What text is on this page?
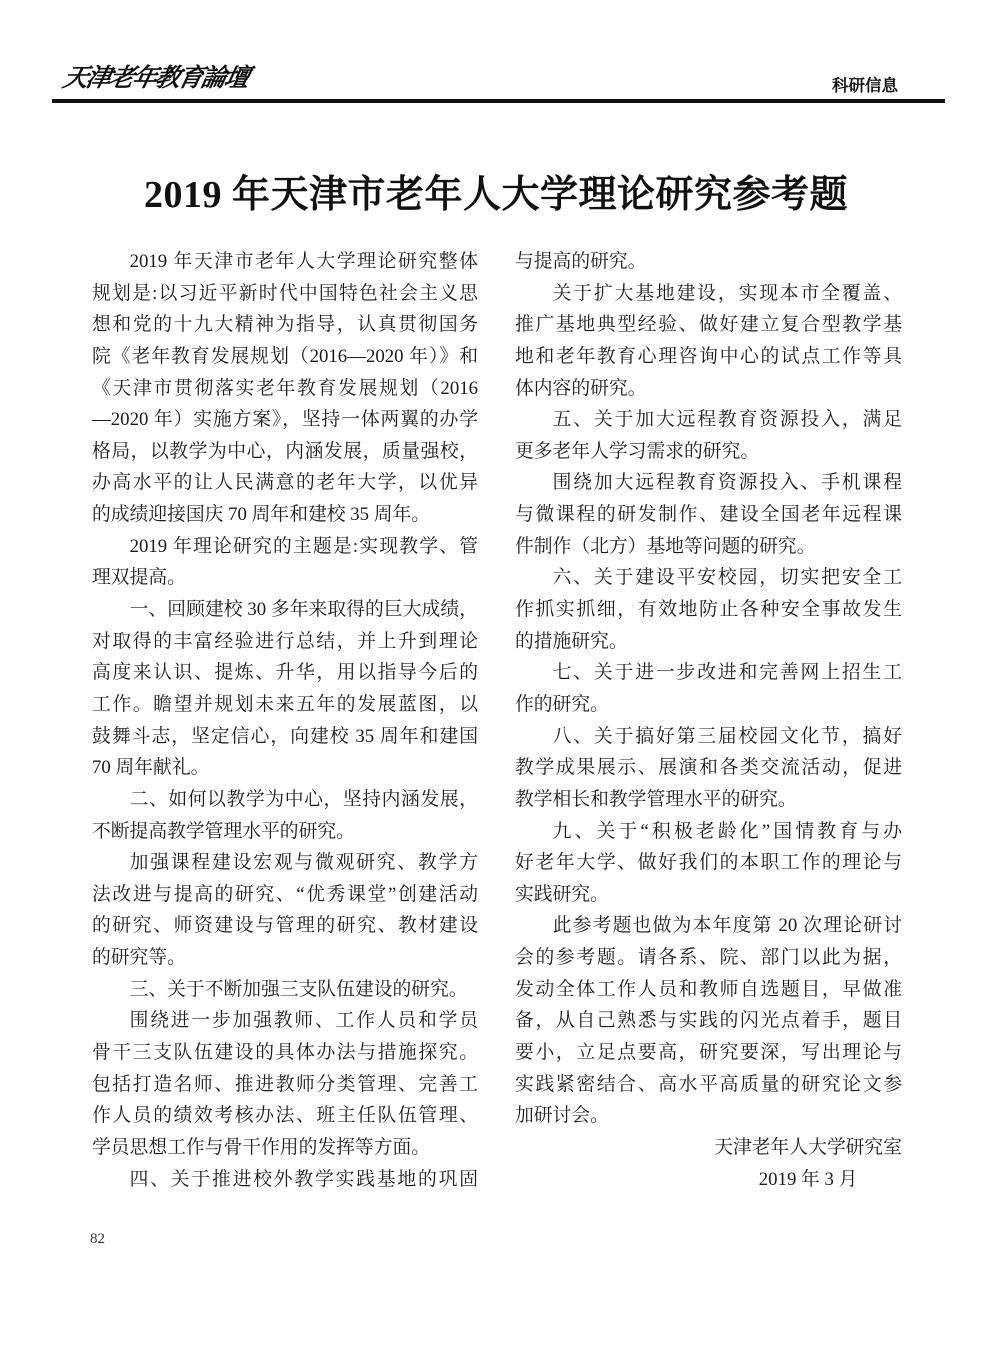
天津老年教育論壇	科研信息
2019 年天津市老年人大学理论研究参考题
2019 年天津市老年人大学理论研究整体
规划是:以习近平新时代中国特色社会主义思
想和党的十九大精神为指导，认真贯彻国务
院《老年教育发展规划（2016—2020 年）》和
《天津市贯彻落实老年教育发展规划（2016
—2020 年）实施方案》，坚持一体两翼的办学
格局，以教学为中心，内涵发展，质量强校，
办高水平的让人民满意的老年大学，以优异
的成绩迎接国庆 70 周年和建校 35 周年。
2019 年理论研究的主题是:实现教学、管
理双提高。
一、回顾建校 30 多年来取得的巨大成绩，
对取得的丰富经验进行总结，并上升到理论
高度来认识、提炼、升华，用以指导今后的
工作。瞻望并规划未来五年的发展蓝图，以
鼓舞斗志，坚定信心，向建校 35 周年和建国
70 周年献礼。
二、如何以教学为中心，坚持内涵发展，
不断提高教学管理水平的研究。
加强课程建设宏观与微观研究、教学方
法改进与提高的研究、“优秀课堂”创建活动
的研究、师资建设与管理的研究、教材建设
的研究等。
三、关于不断加强三支队伍建设的研究。
围绕进一步加强教师、工作人员和学员
骨干三支队伍建设的具体办法与措施探究。
包括打造名师、推进教师分类管理、完善工
作人员的绩效考核办法、班主任队伍管理、
学员思想工作与骨干作用的发挥等方面。
四、关于推进校外教学实践基地的巩固
与提高的研究。
关于扩大基地建设，实现本市全覆盖、
推广基地典型经验、做好建立复合型教学基
地和老年教育心理咨询中心的试点工作等具
体内容的研究。
五、关于加大远程教育资源投入，满足
更多老年人学习需求的研究。
围绕加大远程教育资源投入、手机课程
与微课程的研发制作、建设全国老年远程课
件制作（北方）基地等问题的研究。
六、关于建设平安校园，切实把安全工
作抓实抓细，有效地防止各种安全事故发生
的措施研究。
七、关于进一步改进和完善网上招生工
作的研究。
八、关于搞好第三届校园文化节，搞好
教学成果展示、展演和各类交流活动，促进
教学相长和教学管理水平的研究。
九、关于“积极老龄化”国情教育与办
好老年大学、做好我们的本职工作的理论与
实践研究。
此参考题也做为本年度第 20 次理论研讨
会的参考题。请各系、院、部门以此为据，
发动全体工作人员和教师自选题目，早做准
备，从自己熟悉与实践的闪光点着手，题目
要小，立足点要高，研究要深，写出理论与
实践紧密结合、高水平高质量的研究论文参
加研讨会。
天津老年人大学研究室
2019 年 3 月
82
